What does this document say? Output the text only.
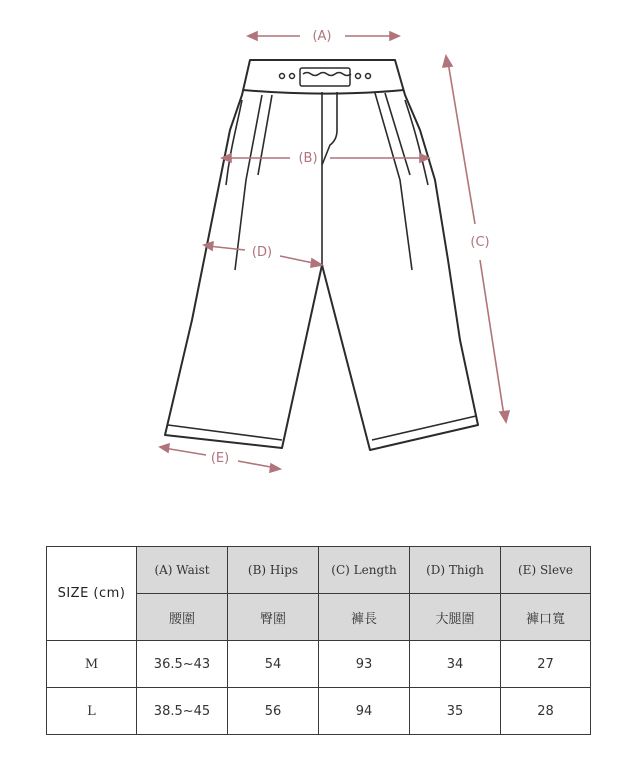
(A)
(B)
(C)
(D)
(E)
SIZE (cm)	(A) Waist	(B) Hips	(C) Length	(D) Thigh	(E) Sleve
	腰圍	臀圍	褲長	大腿圍	褲口寬
M	36.5~43	54	93	34	27
L	38.5~45	56	94	35	28
